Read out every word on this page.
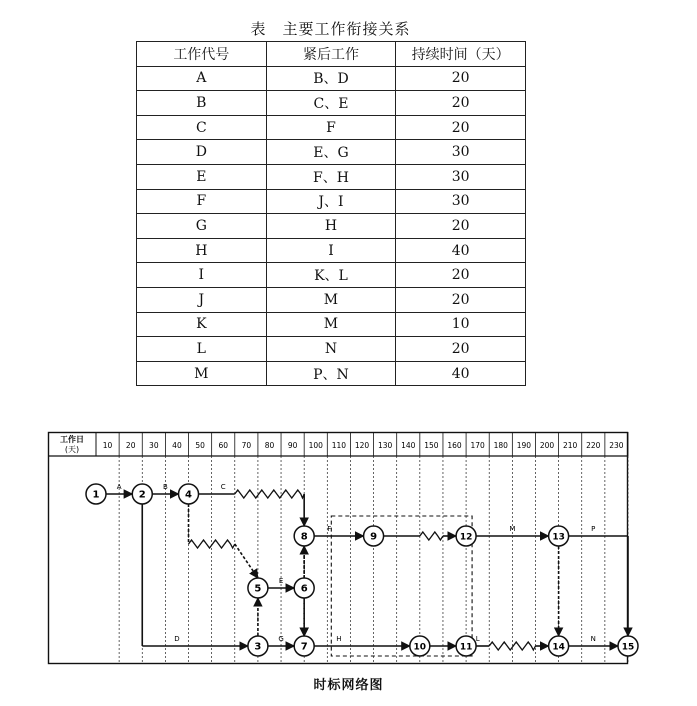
表　主要工作衔接关系
工作代号	紧后工作	持续时间（天）
A	B、D	20
B	C、E	20
C	F	20
D	E、G	30
E	F、H	30
F	J、I	30
G	H	20
H	I	40
I	K、L	20
J	M	20
K	M	10
L	N	20
M	P、N	40
工作日
(天)	10 20 30 40 50 60 70 80 90 100 110 120 130 140 150 160 170 180 190 200 210 220 230
1	2	4
8	9	12	13
5	6
3	7	10	11	14	15
A	B	C
D
E
F
G	H	L
M	P
N
时标网络图
